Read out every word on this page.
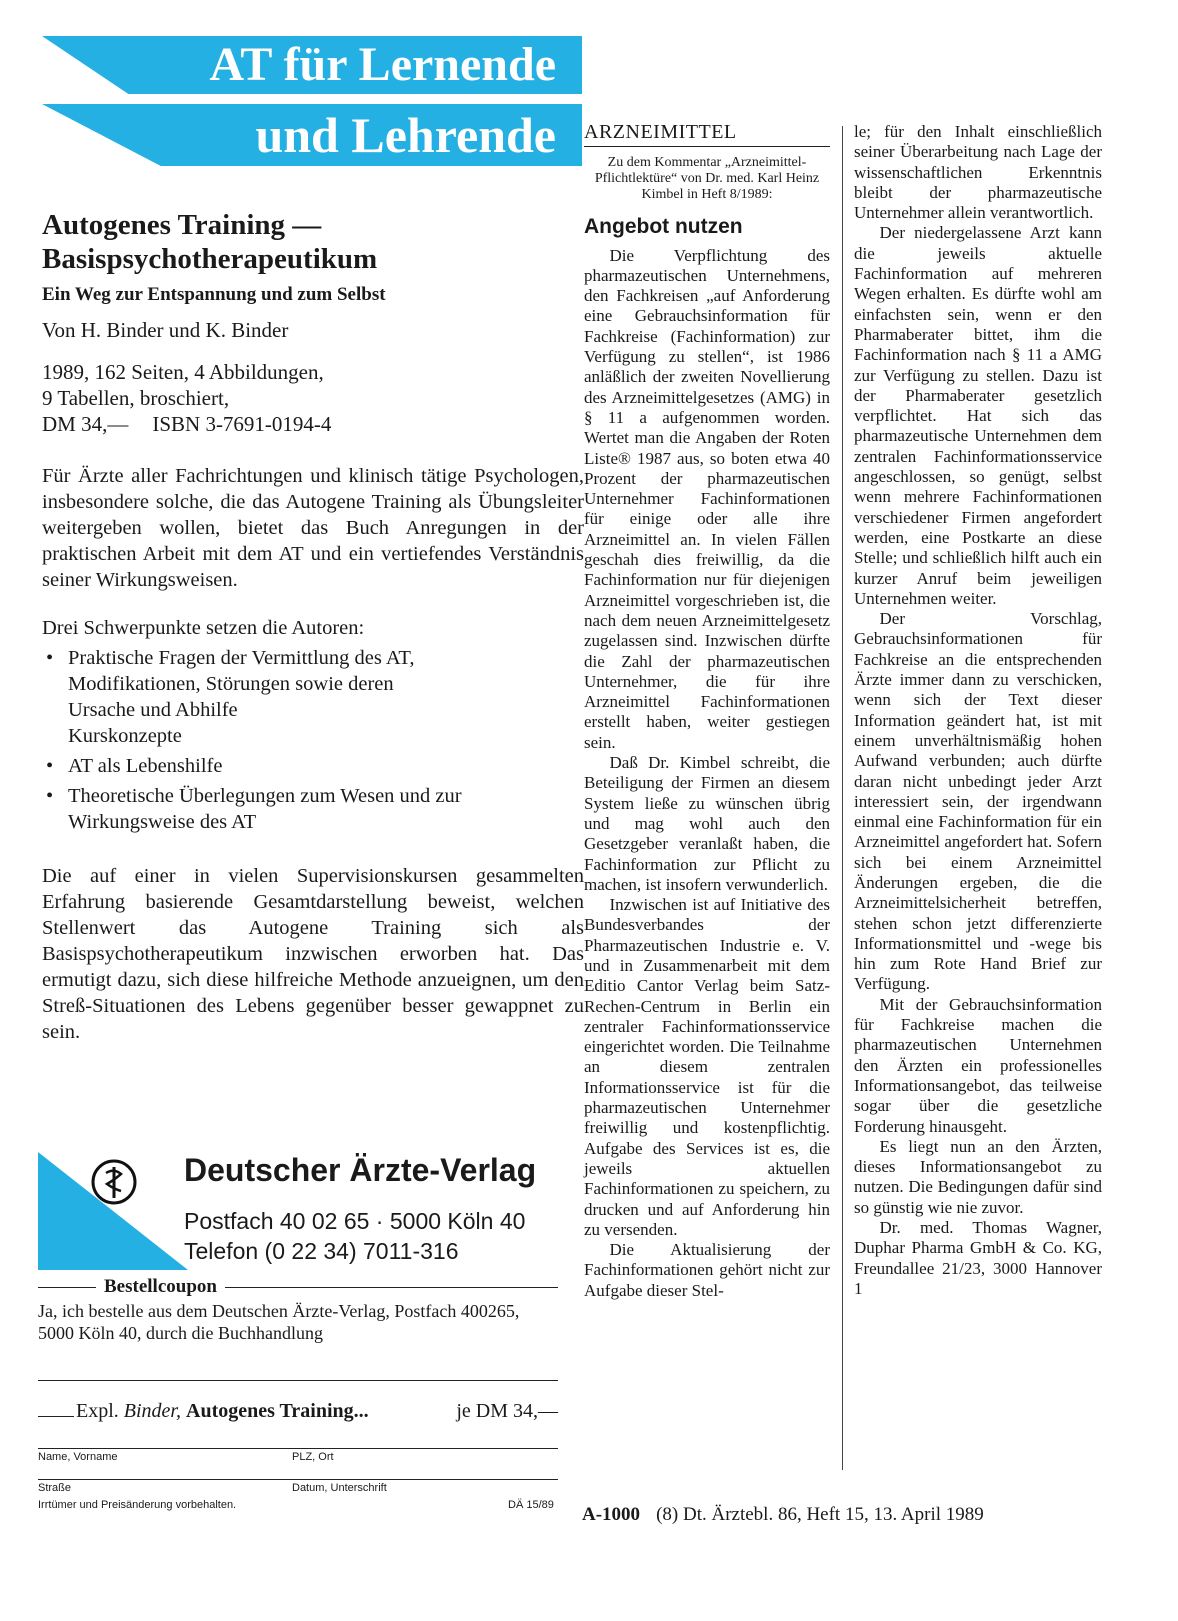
AT für Lernende
und Lehrende
Autogenes Training —
Basispsychotherapeutikum

Ein Weg zur Entspannung und zum Selbst

Von H. Binder und K. Binder

1989, 162 Seiten, 4 Abbildungen,
9 Tabellen, broschiert,
DM 34,— ISBN 3-7691-0194-4

Für Ärzte aller Fachrichtungen und klinisch tätige Psychologen, insbesondere solche, die das Autogene Training als Übungsleiter weitergeben wollen, bietet das Buch Anregungen in der praktischen Arbeit mit dem AT und ein vertiefendes Verständnis seiner Wirkungsweisen.

Drei Schwerpunkte setzen die Autoren:

• Praktische Fragen der Vermittlung des AT,
Modifikationen, Störungen sowie deren
Ursache und Abhilfe
Kurskonzepte
• AT als Lebenshilfe
• Theoretische Überlegungen zum Wesen und zur Wirkungsweise des AT

Die auf einer in vielen Supervisionskursen gesammelten Erfahrung basierende Gesamtdarstellung beweist, welchen Stellenwert das Autogene Training sich als Basispsychotherapeutikum inzwischen erworben hat. Das ermutigt dazu, sich diese hilfreiche Methode anzueignen, um den Streß-Situationen des Lebens gegenüber besser gewappnet zu sein.

Deutscher Ärzte-Verlag
Postfach 40 02 65 · 5000 Köln 40
Telefon (0 22 34) 7011-316
Bestellcoupon

Ja, ich bestelle aus dem Deutschen Ärzte-Verlag, Postfach 400265, 5000 Köln 40, durch die Buchhandlung

Expl. Binder, Autogenes Training...	je DM 34,—
Name, Vorname	PLZ, Ort
Straße	Datum, Unterschrift
Irrtümer und Preisänderung vorbehalten.	DÄ 15/89

ARZNEIMITTEL

Zu dem Kommentar „Arzneimittel-Pflichtlektüre“ von Dr. med. Karl Heinz Kimbel in Heft 8/1989:

Angebot nutzen

Die Verpflichtung des pharmazeutischen Unternehmens, den Fachkreisen „auf Anforderung eine Gebrauchsinformation für Fachkreise (Fachinformation) zur Verfügung zu stellen“, ist 1986 anläßlich der zweiten Novellierung des Arzneimittelgesetzes (AMG) in § 11 a aufgenommen worden. Wertet man die Angaben der Roten Liste® 1987 aus, so boten etwa 40 Prozent der pharmazeutischen Unternehmer Fachinformationen für einige oder alle ihre Arzneimittel an. In vielen Fällen geschah dies freiwillig, da die Fachinformation nur für diejenigen Arzneimittel vorgeschrieben ist, die nach dem neuen Arzneimittelgesetz zugelassen sind. Inzwischen dürfte die Zahl der pharmazeutischen Unternehmer, die für ihre Arzneimittel Fachinformationen erstellt haben, weiter gestiegen sein.

Daß Dr. Kimbel schreibt, die Beteiligung der Firmen an diesem System ließe zu wünschen übrig und mag wohl auch den Gesetzgeber veranlaßt haben, die Fachinformation zur Pflicht zu machen, ist insofern verwunderlich.

Inzwischen ist auf Initiative des Bundesverbandes der Pharmazeutischen Industrie e. V. und in Zusammenarbeit mit dem Editio Cantor Verlag beim Satz-Rechen-Centrum in Berlin ein zentraler Fachinformationsservice eingerichtet worden. Die Teilnahme an diesem zentralen Informationsservice ist für die pharmazeutischen Unternehmer freiwillig und kostenpflichtig. Aufgabe des Services ist es, die jeweils aktuellen Fachinformationen zu speichern, zu drucken und auf Anforderung hin zu versenden.

Die Aktualisierung der Fachinformationen gehört nicht zur Aufgabe dieser Stel-

le; für den Inhalt einschließlich seiner Überarbeitung nach Lage der wissenschaftlichen Erkenntnis bleibt der pharmazeutische Unternehmer allein verantwortlich.

Der niedergelassene Arzt kann die jeweils aktuelle Fachinformation auf mehreren Wegen erhalten. Es dürfte wohl am einfachsten sein, wenn er den Pharmaberater bittet, ihm die Fachinformation nach § 11 a AMG zur Verfügung zu stellen. Dazu ist der Pharmaberater gesetzlich verpflichtet. Hat sich das pharmazeutische Unternehmen dem zentralen Fachinformationsservice angeschlossen, so genügt, selbst wenn mehrere Fachinformationen verschiedener Firmen angefordert werden, eine Postkarte an diese Stelle; und schließlich hilft auch ein kurzer Anruf beim jeweiligen Unternehmen weiter.

Der Vorschlag, Gebrauchsinformationen für Fachkreise an die entsprechenden Ärzte immer dann zu verschicken, wenn sich der Text dieser Information geändert hat, ist mit einem unverhältnismäßig hohen Aufwand verbunden; auch dürfte daran nicht unbedingt jeder Arzt interessiert sein, der irgendwann einmal eine Fachinformation für ein Arzneimittel angefordert hat. Sofern sich bei einem Arzneimittel Änderungen ergeben, die die Arzneimittelsicherheit betreffen, stehen schon jetzt differenzierte Informationsmittel und -wege bis hin zum Rote Hand Brief zur Verfügung.

Mit der Gebrauchsinformation für Fachkreise machen die pharmazeutischen Unternehmen den Ärzten ein professionelles Informationsangebot, das teilweise sogar über die gesetzliche Forderung hinausgeht.

Es liegt nun an den Ärzten, dieses Informationsangebot zu nutzen. Die Bedingungen dafür sind so günstig wie nie zuvor.

Dr. med. Thomas Wagner, Duphar Pharma GmbH & Co. KG, Freundallee 21/23, 3000 Hannover 1

A-1000 (8) Dt. Ärztebl. 86, Heft 15, 13. April 1989
